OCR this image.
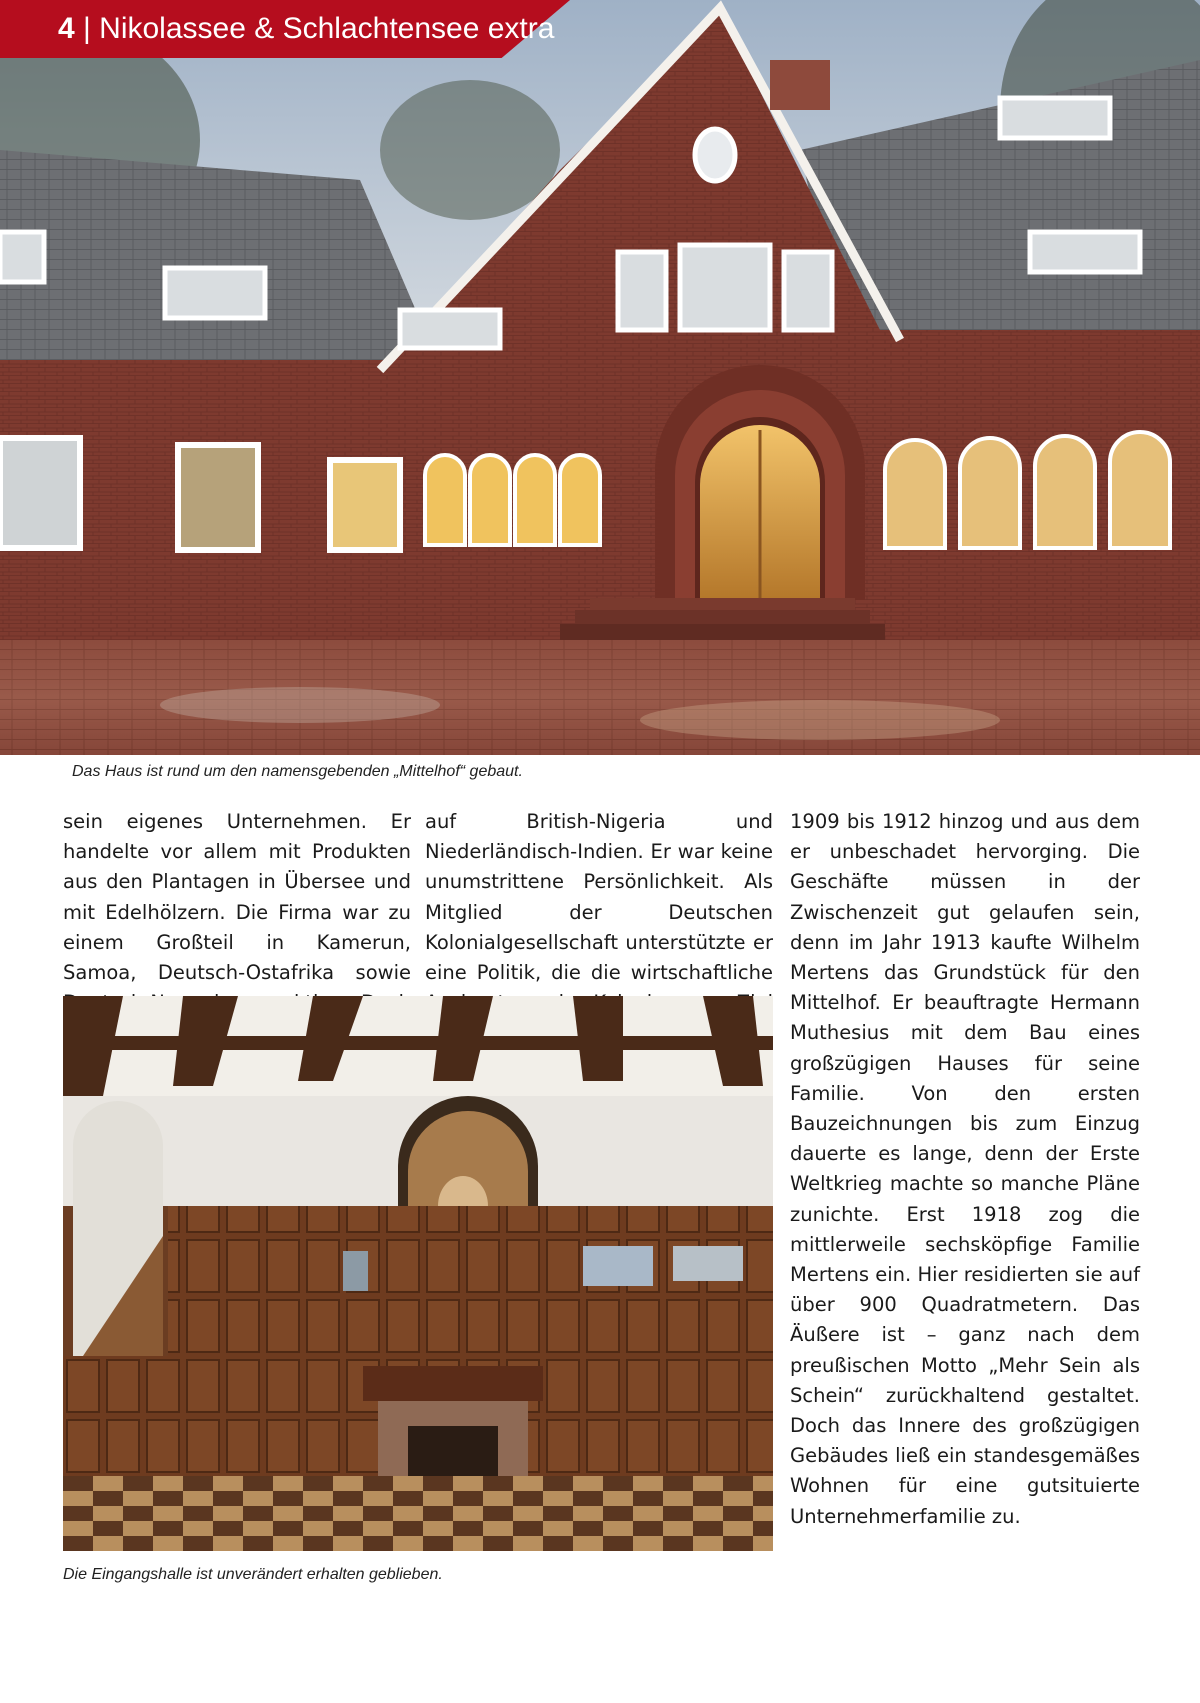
4 | Nikolassee & Schlachtensee extra
Das Haus ist rund um den namensgebenden „Mittelhof“ gebaut.

sein eigenes Unternehmen. Er handelte vor allem mit Produkten aus den Plantagen in Übersee und mit Edelhölzern. Die Firma war zu einem Großteil in Kamerun, Samoa, Deutsch-Ostafrika sowie

auf British-Nigeria und Niederländisch-Indien. Er war keine unumstrittene Persönlichkeit. Als Mitglied der Deutschen Kolonialgesellschaft unterstützte er eine Politik, die die wirtschaftliche

1909 bis 1912 hinzog und aus dem er unbeschadet hervorging. Die Geschäfte müssen in der Zwischenzeit gut gelaufen sein, denn im Jahr 1913 kaufte Wilhelm Mertens das Grundstück für den Mittelhof. Er beauftragte Hermann Muthesius mit dem Bau eines großzügigen Hauses für seine Familie. Von den ersten Bauzeichnungen bis zum Einzug dauerte es lange, denn der Erste Weltkrieg machte so manche Pläne zunichte. Erst 1918 zog die mittlerweile sechsköpfige Familie Mertens ein. Hier residierten sie auf über 900 Quadratmetern. Das Äußere ist – ganz nach dem preußischen Motto „Mehr Sein als Schein“ zurückhaltend gestaltet. Doch das Innere des großzügigen Gebäudes ließ ein standesgemäßes Wohnen für eine gutsituierte Unternehmerfamilie zu.

Die Eingangshalle ist unverändert erhalten geblieben.
